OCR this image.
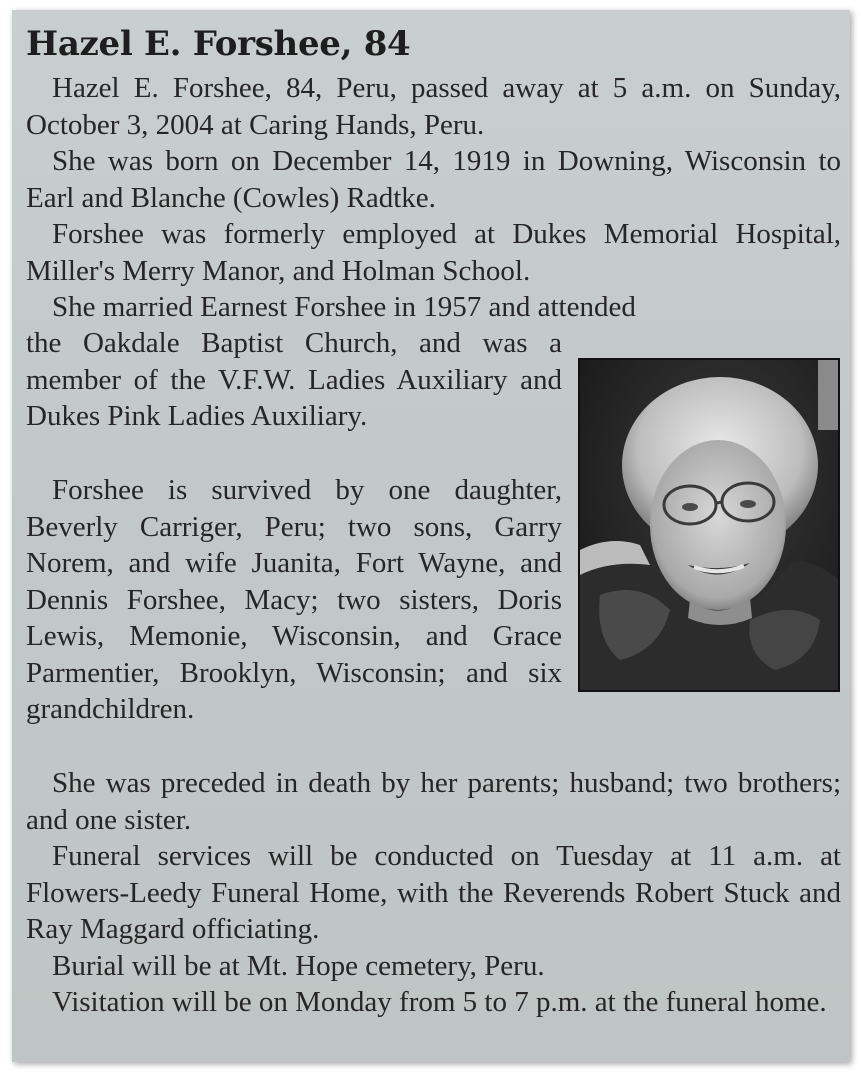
Hazel E. Forshee, 84

Hazel E. Forshee, 84, Peru, passed away at 5 a.m. on Sunday, October 3, 2004 at Caring Hands, Peru.

She was born on December 14, 1919 in Downing, Wisconsin to Earl and Blanche (Cowles) Radtke.

Forshee was formerly employed at Dukes Memorial Hospital, Miller's Merry Manor, and Holman School.

She married Earnest Forshee in 1957 and attended

the Oakdale Baptist Church, and was a member of the V.F.W. Ladies Auxiliary and Dukes Pink Ladies Auxiliary.

Forshee is survived by one daughter, Beverly Carriger, Peru; two sons, Garry Norem, and wife Juanita, Fort Wayne, and Dennis Forshee, Macy; two sisters, Doris Lewis, Memonie, Wisconsin, and Grace Parmentier, Brooklyn, Wisconsin; and six grandchildren.

She was preceded in death by her parents; husband; two brothers; and one sister.

Funeral services will be conducted on Tuesday at 11 a.m. at Flowers-Leedy Funeral Home, with the Reverends Robert Stuck and Ray Maggard officiating.

Burial will be at Mt. Hope cemetery, Peru.

Visitation will be on Monday from 5 to 7 p.m. at the funeral home.
